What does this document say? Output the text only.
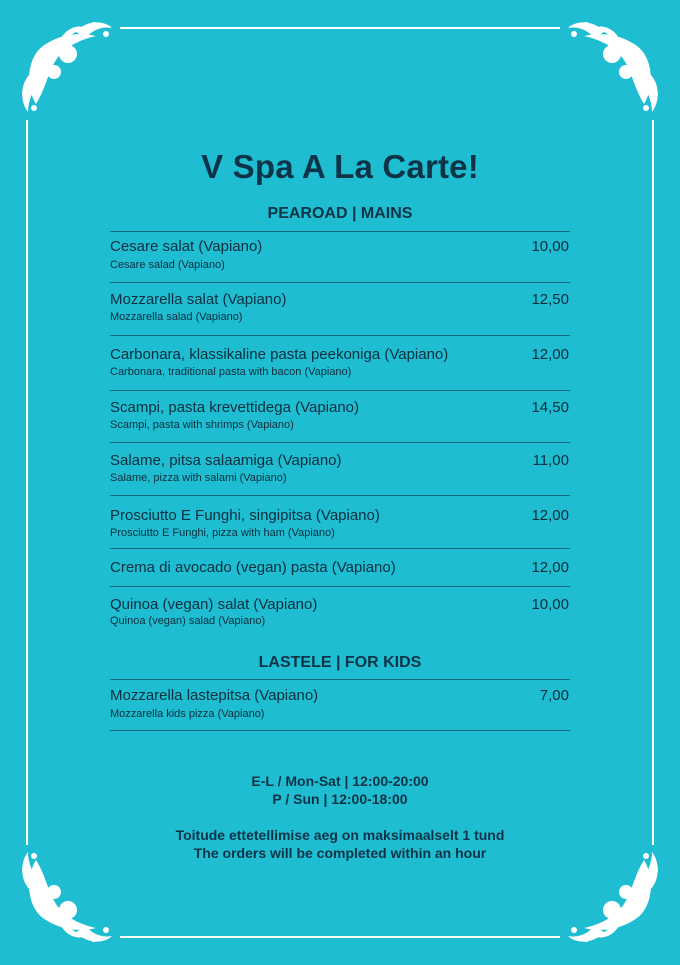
V Spa A La Carte!
PEAROAD | MAINS
Cesare salat (Vapiano)
Cesare salad (Vapiano)
10,00
Mozzarella salat (Vapiano)
Mozzarella salad (Vapiano)
12,50
Carbonara, klassikaline pasta peekoniga (Vapiano)
Carbonara, traditional pasta with bacon (Vapiano)
12,00
Scampi, pasta krevettidega (Vapiano)
Scampi, pasta with shrimps (Vapiano)
14,50
Salame, pitsa salaamiga (Vapiano)
Salame, pizza with salami (Vapiano)
11,00
Prosciutto E Funghi, singipitsa (Vapiano)
Prosciutto E Funghi, pizza with ham (Vapiano)
12,00
Crema di avocado (vegan) pasta (Vapiano)	12,00
Quinoa (vegan) salat (Vapiano)
Quinoa (vegan) salad (Vapiano)
10,00
LASTELE | FOR KIDS
Mozzarella lastepitsa (Vapiano)
Mozzarella kids pizza (Vapiano)
7,00
E-L / Mon-Sat | 12:00-20:00
P / Sun | 12:00-18:00
Toitude ettetellimise aeg on maksimaalselt 1 tund
The orders will be completed within an hour
